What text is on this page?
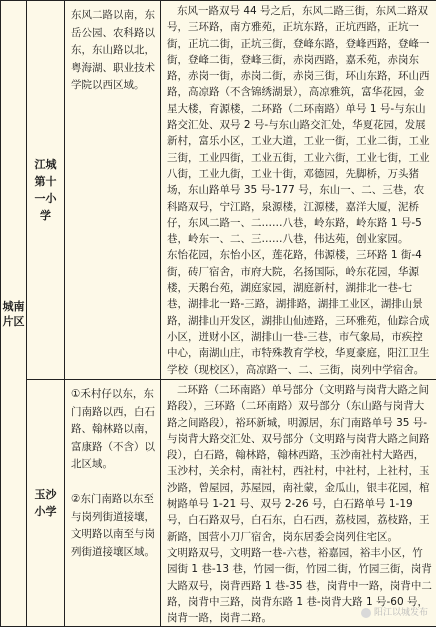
城南片区	江城第十一小学	东风二路以南，东岳公园、农科路以东，东山路以北，粤海湖、职业技术学院以西区域。	东风一路双号 44 号之后，东风二路三街，东风二路双号，三环路，南方雅苑，正坑东路，正坑西路，正坑一街，正坑二街，正坑三街，登峰东路，登峰西路，登峰一街，登峰二街，登峰三街，赤岗西路，嘉禾苑，赤岗东路，赤岗一街，赤岗二街，赤岗三街，环山东路，环山西路，高凉路（不含锦绣湖景），高凉雅筑，富华花园，金星大楼，育源楼，二环路（二环南路）单号 1 号-与东山路交汇处、双号 2 号-与东山路交汇处，华夏花园，发展新村，富乐小区，工业大道，工业一街，工业二街，工业三街，工业四街，工业五街，工业六街，工业七街，工业八街，工业九街，工业十街，邓德园，先脚桥，万头猪场，东山路单号 35 号-177 号，东山一、二、三巷，农科路双号，宁江路，泉源楼，江源楼，嘉洋大厦，泥桥仔，东风二路一、二……八巷，岭东路，岭东路 1 号-5 巷，岭东一、二、三……八巷，伟达苑，创业家园。
东怡花园，东怡小区，莲花路，伟源楼，三环路 1 街-4 街，砖厂宿舍，市府大院，名扬国际，岭东花园，华源楼，天鹅台苑，湖庭家园，湖庭新村，湖排北一巷-七巷，湖排北一路-三路，湖排路，湖排工业区，湖排山景路，湖排山开发区，湖排山仙迹路，三环雅苑，仙踪合成小区，迸财小区，湖排山一巷-三巷，市气象局，市疾控中心，南湖山庄，市特殊教育学校，华夏豪庭，阳江卫生学校（现校区），高凉路一、二、三街，岗列中学宿舍。

	玉沙小学	①禾村仔以东，东门南路以西，白石路、翰林路以南，富康路（不含）以北区域。

②东门南路以东至与岗列街道接壤，文明路以南至与岗列街道接壤区域。	二环路（二环南路）单号部分（文明路与岗背大路之间路段），三环路（二环南路）双号部分（东山路与岗背大路之间路段），裕环新城，明源居，东门南路单号 35 号-与岗背大路交汇处、双号部分（文明路与岗背大路之间路段），白石路，翰林路，翰林西路，玉沙南社村大路西，玉沙村，关余村，南社村，西社村，中社村，上社村，玉沙路，曾屋园，苏屋园，南社蒙，金瓜山，银丰花园，棺树路单号 1-21 号、双号 2-26 号，白石路单号 1-19 号，白石路双号，白石东，白石西，荔枝园，荔枝路，王新路，国营小刀厂宿舍，岗东居委会岗列住宅区。
文明路双号，文明路一巷-六巷，裕嘉园，裕丰小区，竹园街 1 巷-13 巷，竹园一街，竹园二街，竹园三街，岗背大路双号，岗背西路 1 巷-35 巷，岗背中一路，岗背中二路，岗背中三路，岗背东路 1 巷-岗背大路 1 号-60 号，岗背一路，岗背二路。	阳江以城发布
